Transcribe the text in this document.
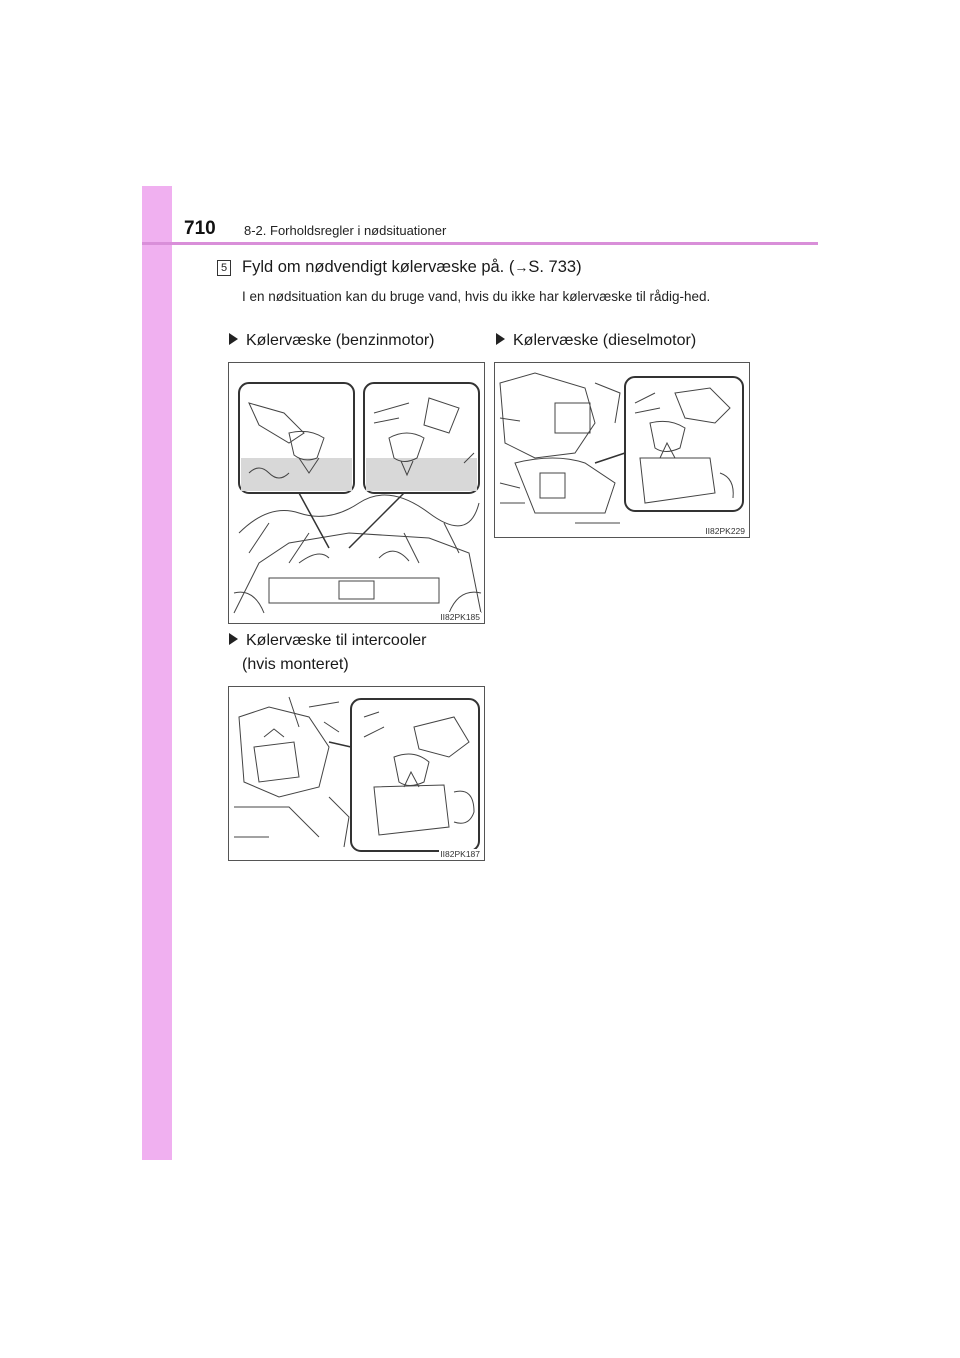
710 8-2. Forholdsregler i nødsituationer
5 Fyld om nødvendigt kølervæske på. (→S. 733)
I en nødsituation kan du bruge vand, hvis du ikke har kølervæske til rådig-hed.
Kølervæske (benzinmotor)	Kølervæske (dieselmotor)
II82PK185
II82PK229
Kølervæske til intercooler
(hvis monteret)
II82PK187
